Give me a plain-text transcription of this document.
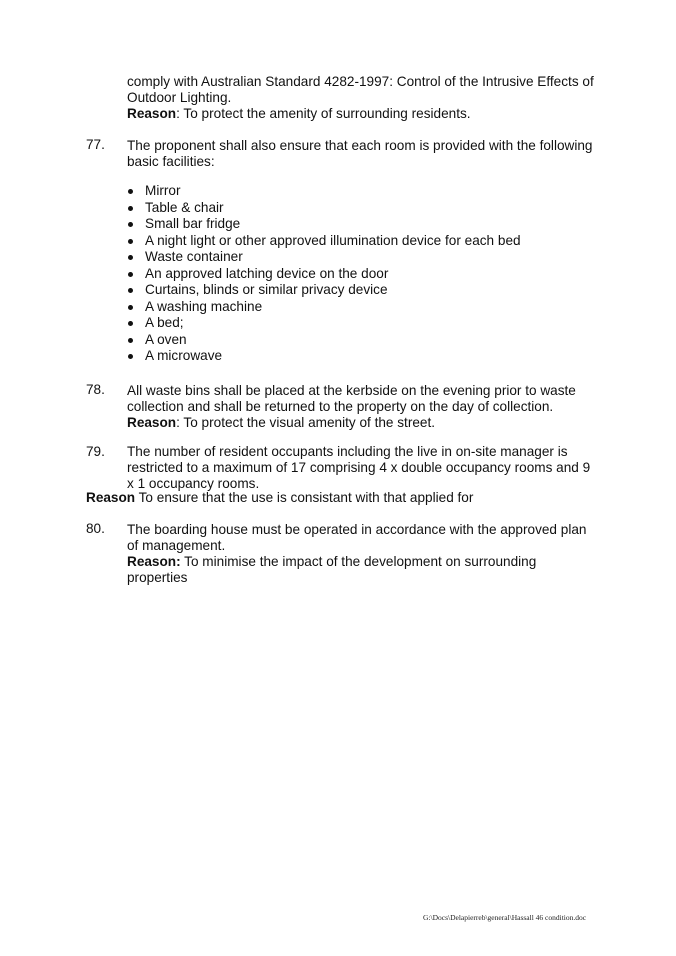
comply with Australian Standard 4282-1997: Control of the Intrusive Effects of
Outdoor Lighting.
Reason: To protect the amenity of surrounding residents.
77. The proponent shall also ensure that each room is provided with the following
basic facilities:
Mirror
Table & chair
Small bar fridge
A night light or other approved illumination device for each bed
Waste container
An approved latching device on the door
Curtains, blinds or similar privacy device
A washing machine
A bed;
A oven
A microwave
78. All waste bins shall be placed at the kerbside on the evening prior to waste
collection and shall be returned to the property on the day of collection.
Reason: To protect the visual amenity of the street.
79. The number of resident occupants including the live in on-site manager is
restricted to a maximum of 17 comprising 4 x double occupancy rooms and 9
x 1 occupancy rooms.
Reason To ensure that the use is consistant with that applied for
80. The boarding house must be operated in accordance with the approved plan
of management.
Reason: To minimise the impact of the development on surrounding
properties
G:\Docs\Delapierreb\general\Hassall 46 condition.doc
